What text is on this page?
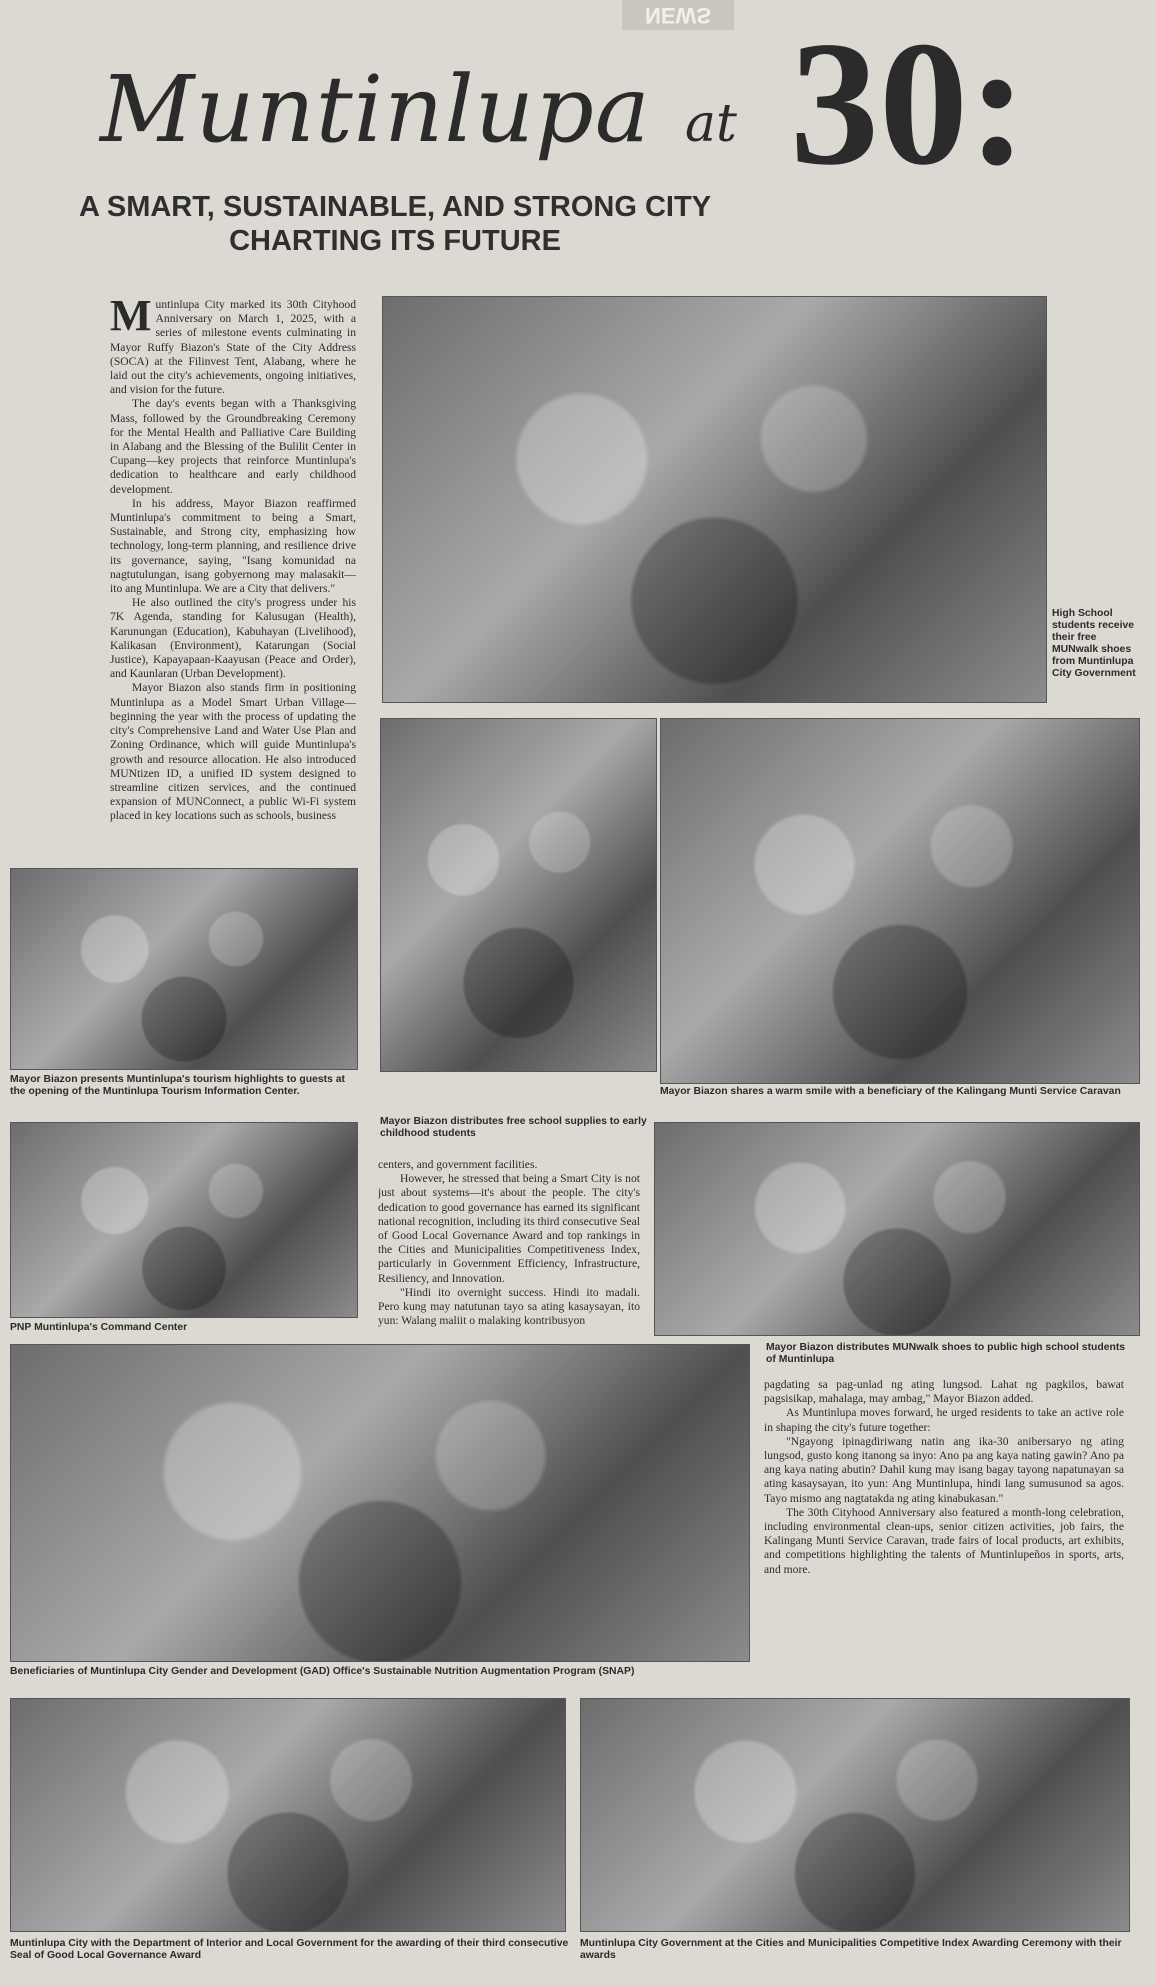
NEWS
Muntinlupa at 30:
A SMART, SUSTAINABLE, AND STRONG CITY
CHARTING ITS FUTURE

Muntinlupa City marked its 30th Cityhood Anniversary on March 1, 2025, with a series of milestone events culminating in Mayor Ruffy Biazon's State of the City Address (SOCA) at the Filinvest Tent, Alabang, where he laid out the city's achievements, ongoing initiatives, and vision for the future.

The day's events began with a Thanksgiving Mass, followed by the Groundbreaking Ceremony for the Mental Health and Palliative Care Building in Alabang and the Blessing of the Bulilit Center in Cupang—key projects that reinforce Muntinlupa's dedication to healthcare and early childhood development.

In his address, Mayor Biazon reaffirmed Muntinlupa's commitment to being a Smart, Sustainable, and Strong city, emphasizing how technology, long-term planning, and resilience drive its governance, saying, "Isang komunidad na nagtutulungan, isang gobyernong may malasakit—ito ang Muntinlupa. We are a City that delivers."

He also outlined the city's progress under his 7K Agenda, standing for Kalusugan (Health), Karunungan (Education), Kabuhayan (Livelihood), Kalikasan (Environment), Katarungan (Social Justice), Kapayapaan-Kaayusan (Peace and Order), and Kaunlaran (Urban Development).

Mayor Biazon also stands firm in positioning Muntinlupa as a Model Smart Urban Village—beginning the year with the process of updating the city's Comprehensive Land and Water Use Plan and Zoning Ordinance, which will guide Muntinlupa's growth and resource allocation. He also introduced MUNtizen ID, a unified ID system designed to streamline citizen services, and the continued expansion of MUNConnect, a public Wi-Fi system placed in key locations such as schools, business

High School students receive their free MUNwalk shoes from Muntinlupa City Government
Mayor Biazon presents Muntinlupa's tourism highlights to guests at the opening of the Muntinlupa Tourism Information Center.
Mayor Biazon distributes free school supplies to early childhood students
Mayor Biazon shares a warm smile with a beneficiary of the Kalingang Munti Service Caravan
PNP Muntinlupa's Command Center

centers, and government facilities.

However, he stressed that being a Smart City is not just about systems—it's about the people. The city's dedication to good governance has earned its significant national recognition, including its third consecutive Seal of Good Local Governance Award and top rankings in the Cities and Municipalities Competitiveness Index, particularly in Government Efficiency, Infrastructure, Resiliency, and Innovation.

"Hindi ito overnight success. Hindi ito madali. Pero kung may natutunan tayo sa ating kasaysayan, ito yun: Walang maliit o malaking kontribusyon

Mayor Biazon distributes MUNwalk shoes to public high school students of Muntinlupa
Beneficiaries of Muntinlupa City Gender and Development (GAD) Office's Sustainable Nutrition Augmentation Program (SNAP)

pagdating sa pag-unlad ng ating lungsod. Lahat ng pagkilos, bawat pagsisikap, mahalaga, may ambag," Mayor Biazon added.

As Muntinlupa moves forward, he urged residents to take an active role in shaping the city's future together:

"Ngayong ipinagdiriwang natin ang ika-30 anibersaryo ng ating lungsod, gusto kong itanong sa inyo: Ano pa ang kaya nating gawin? Ano pa ang kaya nating abutin? Dahil kung may isang bagay tayong napatunayan sa ating kasaysayan, ito yun: Ang Muntinlupa, hindi lang sumusunod sa agos. Tayo mismo ang nagtatakda ng ating kinabukasan."

The 30th Cityhood Anniversary also featured a month-long celebration, including environmental clean-ups, senior citizen activities, job fairs, the Kalingang Munti Service Caravan, trade fairs of local products, art exhibits, and competitions highlighting the talents of Muntinlupeños in sports, arts, and more.

Muntinlupa City with the Department of Interior and Local Government for the awarding of their third consecutive Seal of Good Local Governance Award
Muntinlupa City Government at the Cities and Municipalities Competitive Index Awarding Ceremony with their awards
